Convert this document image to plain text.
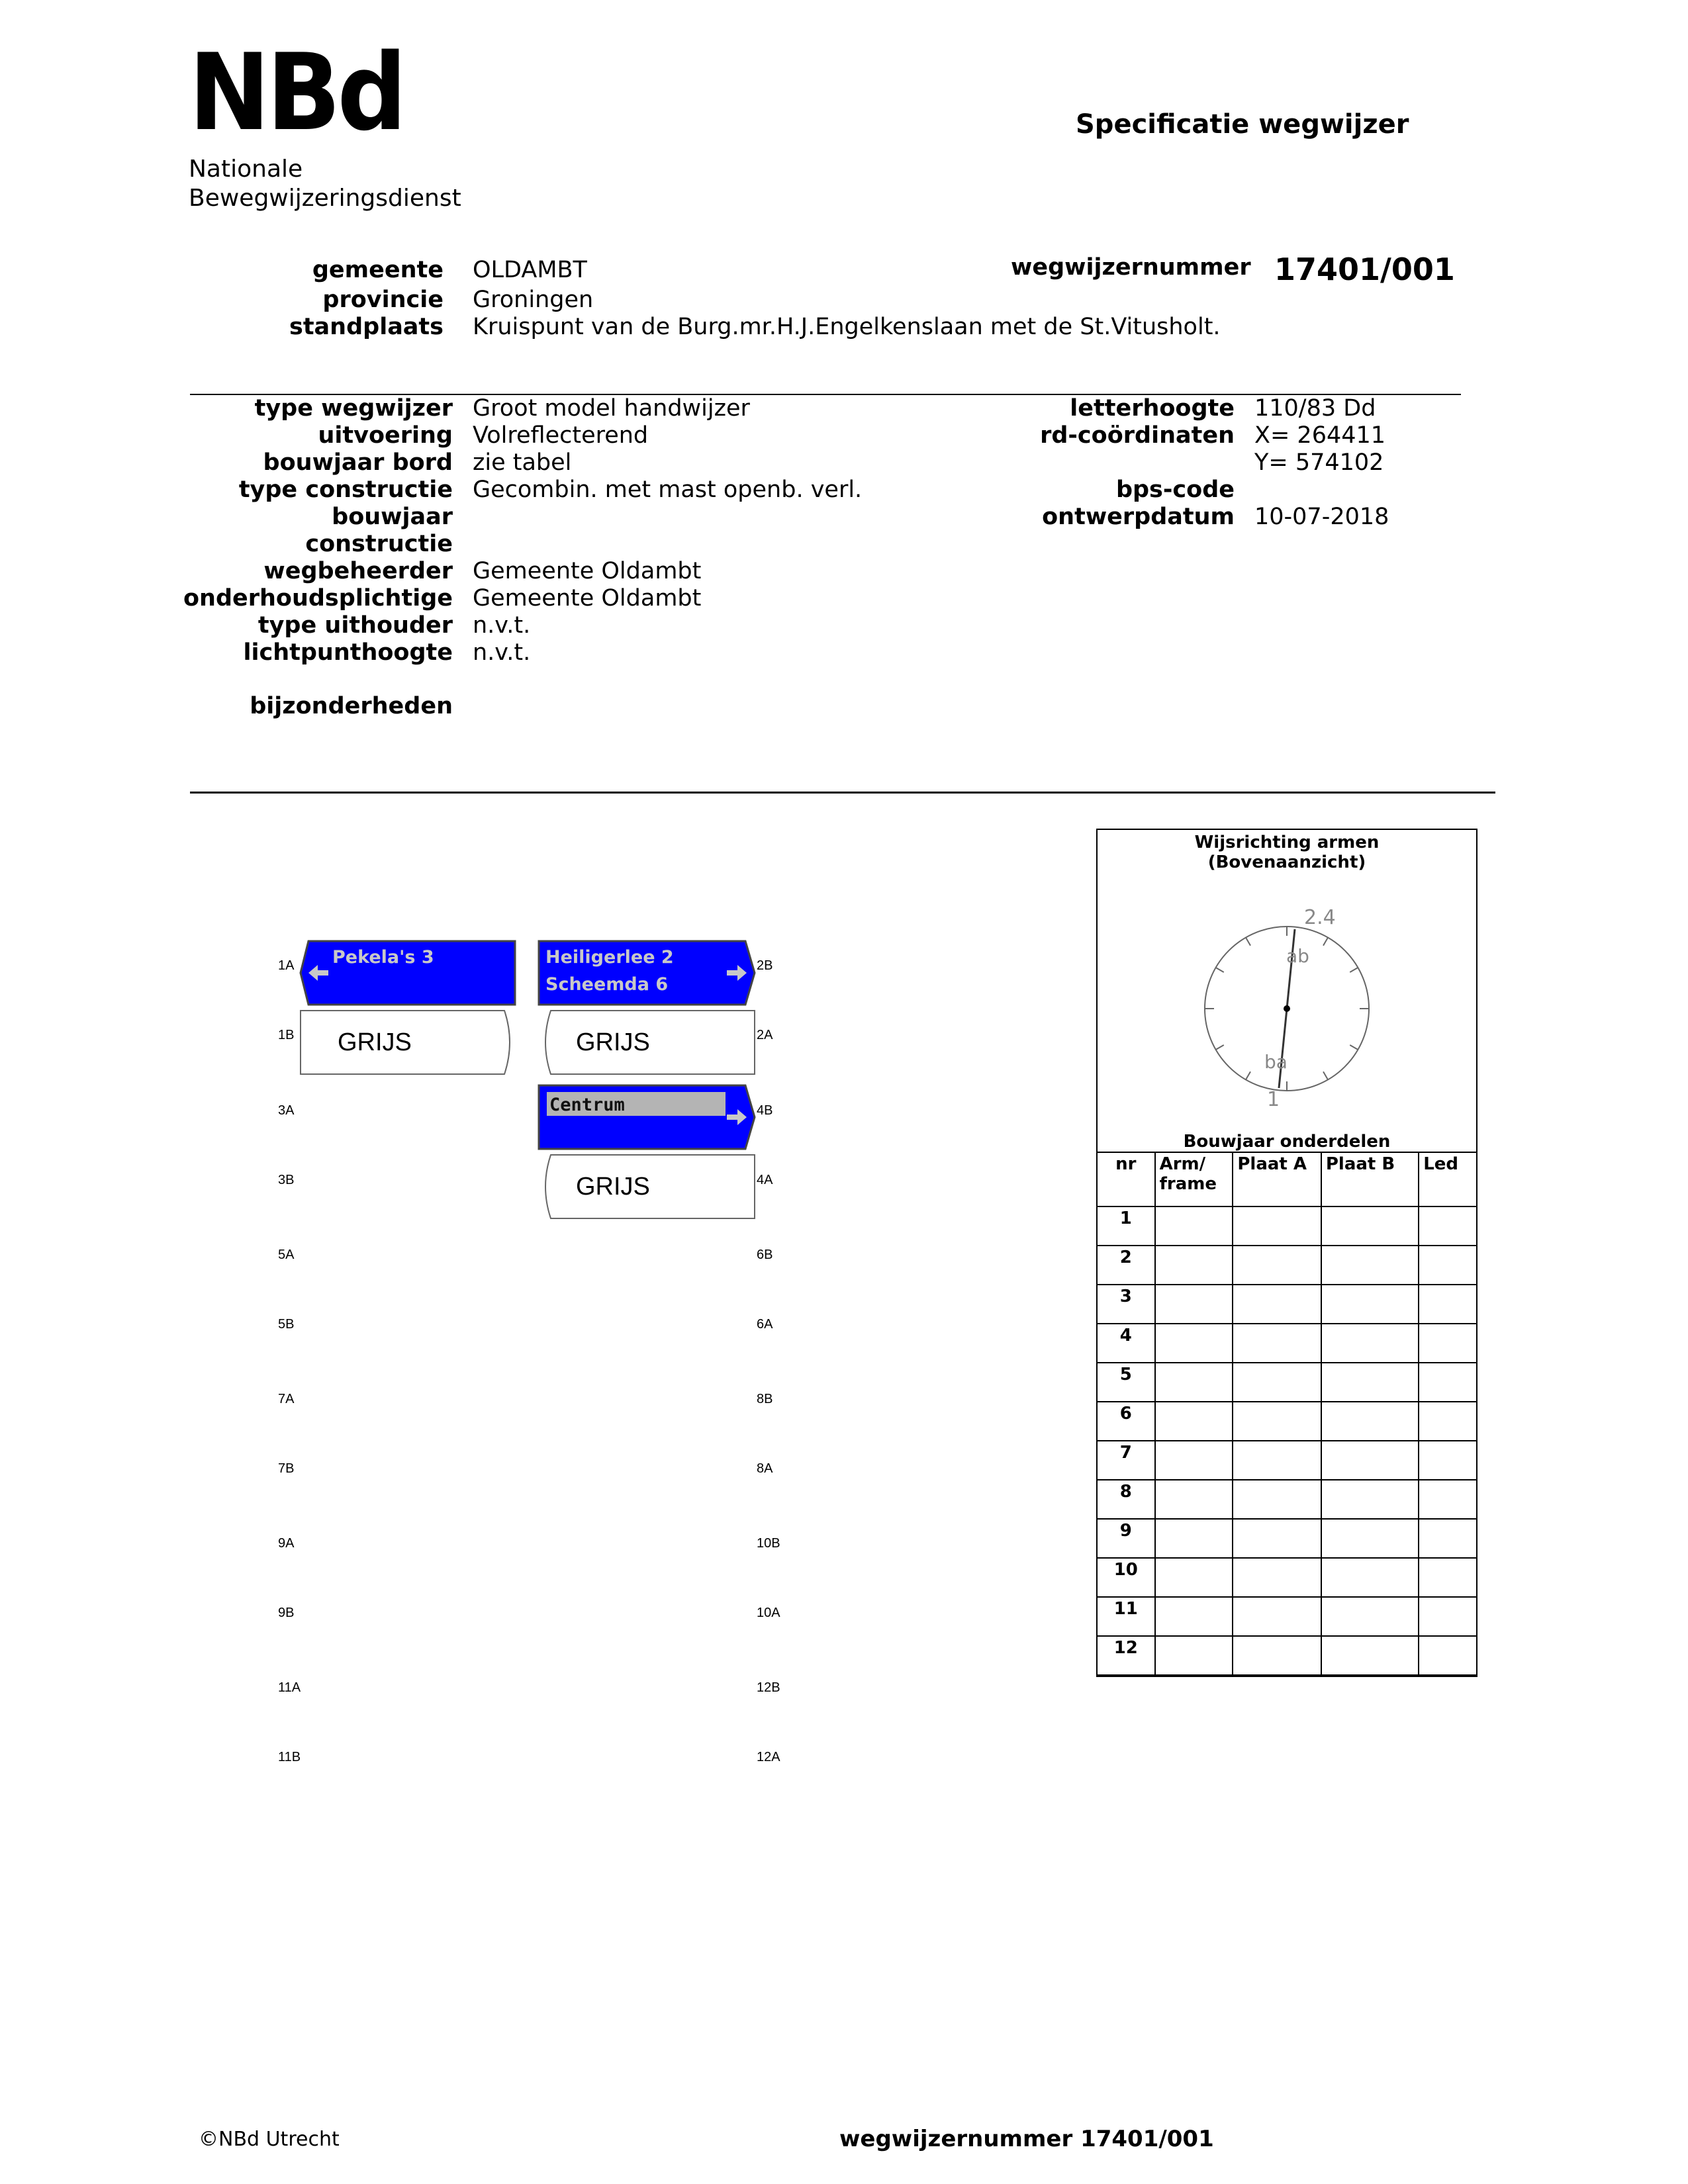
NBd
Nationale
Bewegwijzeringsdienst
Specificatie wegwijzer
gemeente OLDAMBT
provincie Groningen
standplaats Kruispunt van de Burg.mr.H.J.Engelkenslaan met de St.Vitusholt.
wegwijzernummer 17401/001
type wegwijzer Groot model handwijzer
uitvoering Volreflecterend
bouwjaar bord zie tabel
type constructie Gecombin. met mast openb. verl.
bouwjaar
constructie
wegbeheerder Gemeente Oldambt
onderhoudsplichtige Gemeente Oldambt
type uithouder n.v.t.
lichtpunthoogte n.v.t.
bijzonderheden
letterhoogte 110/83 Dd
rd-coördinaten X= 264411
Y= 574102
bps-code
ontwerpdatum 10-07-2018
1A
1B
3A
3B
5A
5B
7A
7B
9A
9B
11A
11B
2B
2A
4B
4A
6B
6A
8B
8A
10B
10A
12B
12A
Pekela's 3	Heiligerlee 2
Scheemda 6
GRIJS	GRIJS
Centrum
GRIJS
Wijsrichting armen
(Bovenaanzicht)
2.4
ab
ba
1
Bouwjaar onderdelen
nr	Arm/ frame	Plaat A	Plaat B	Led
1				
2				
3				
4				
5				
6				
7				
8				
9				
10				
11				
12				
©NBd Utrecht	wegwijzernummer 17401/001
